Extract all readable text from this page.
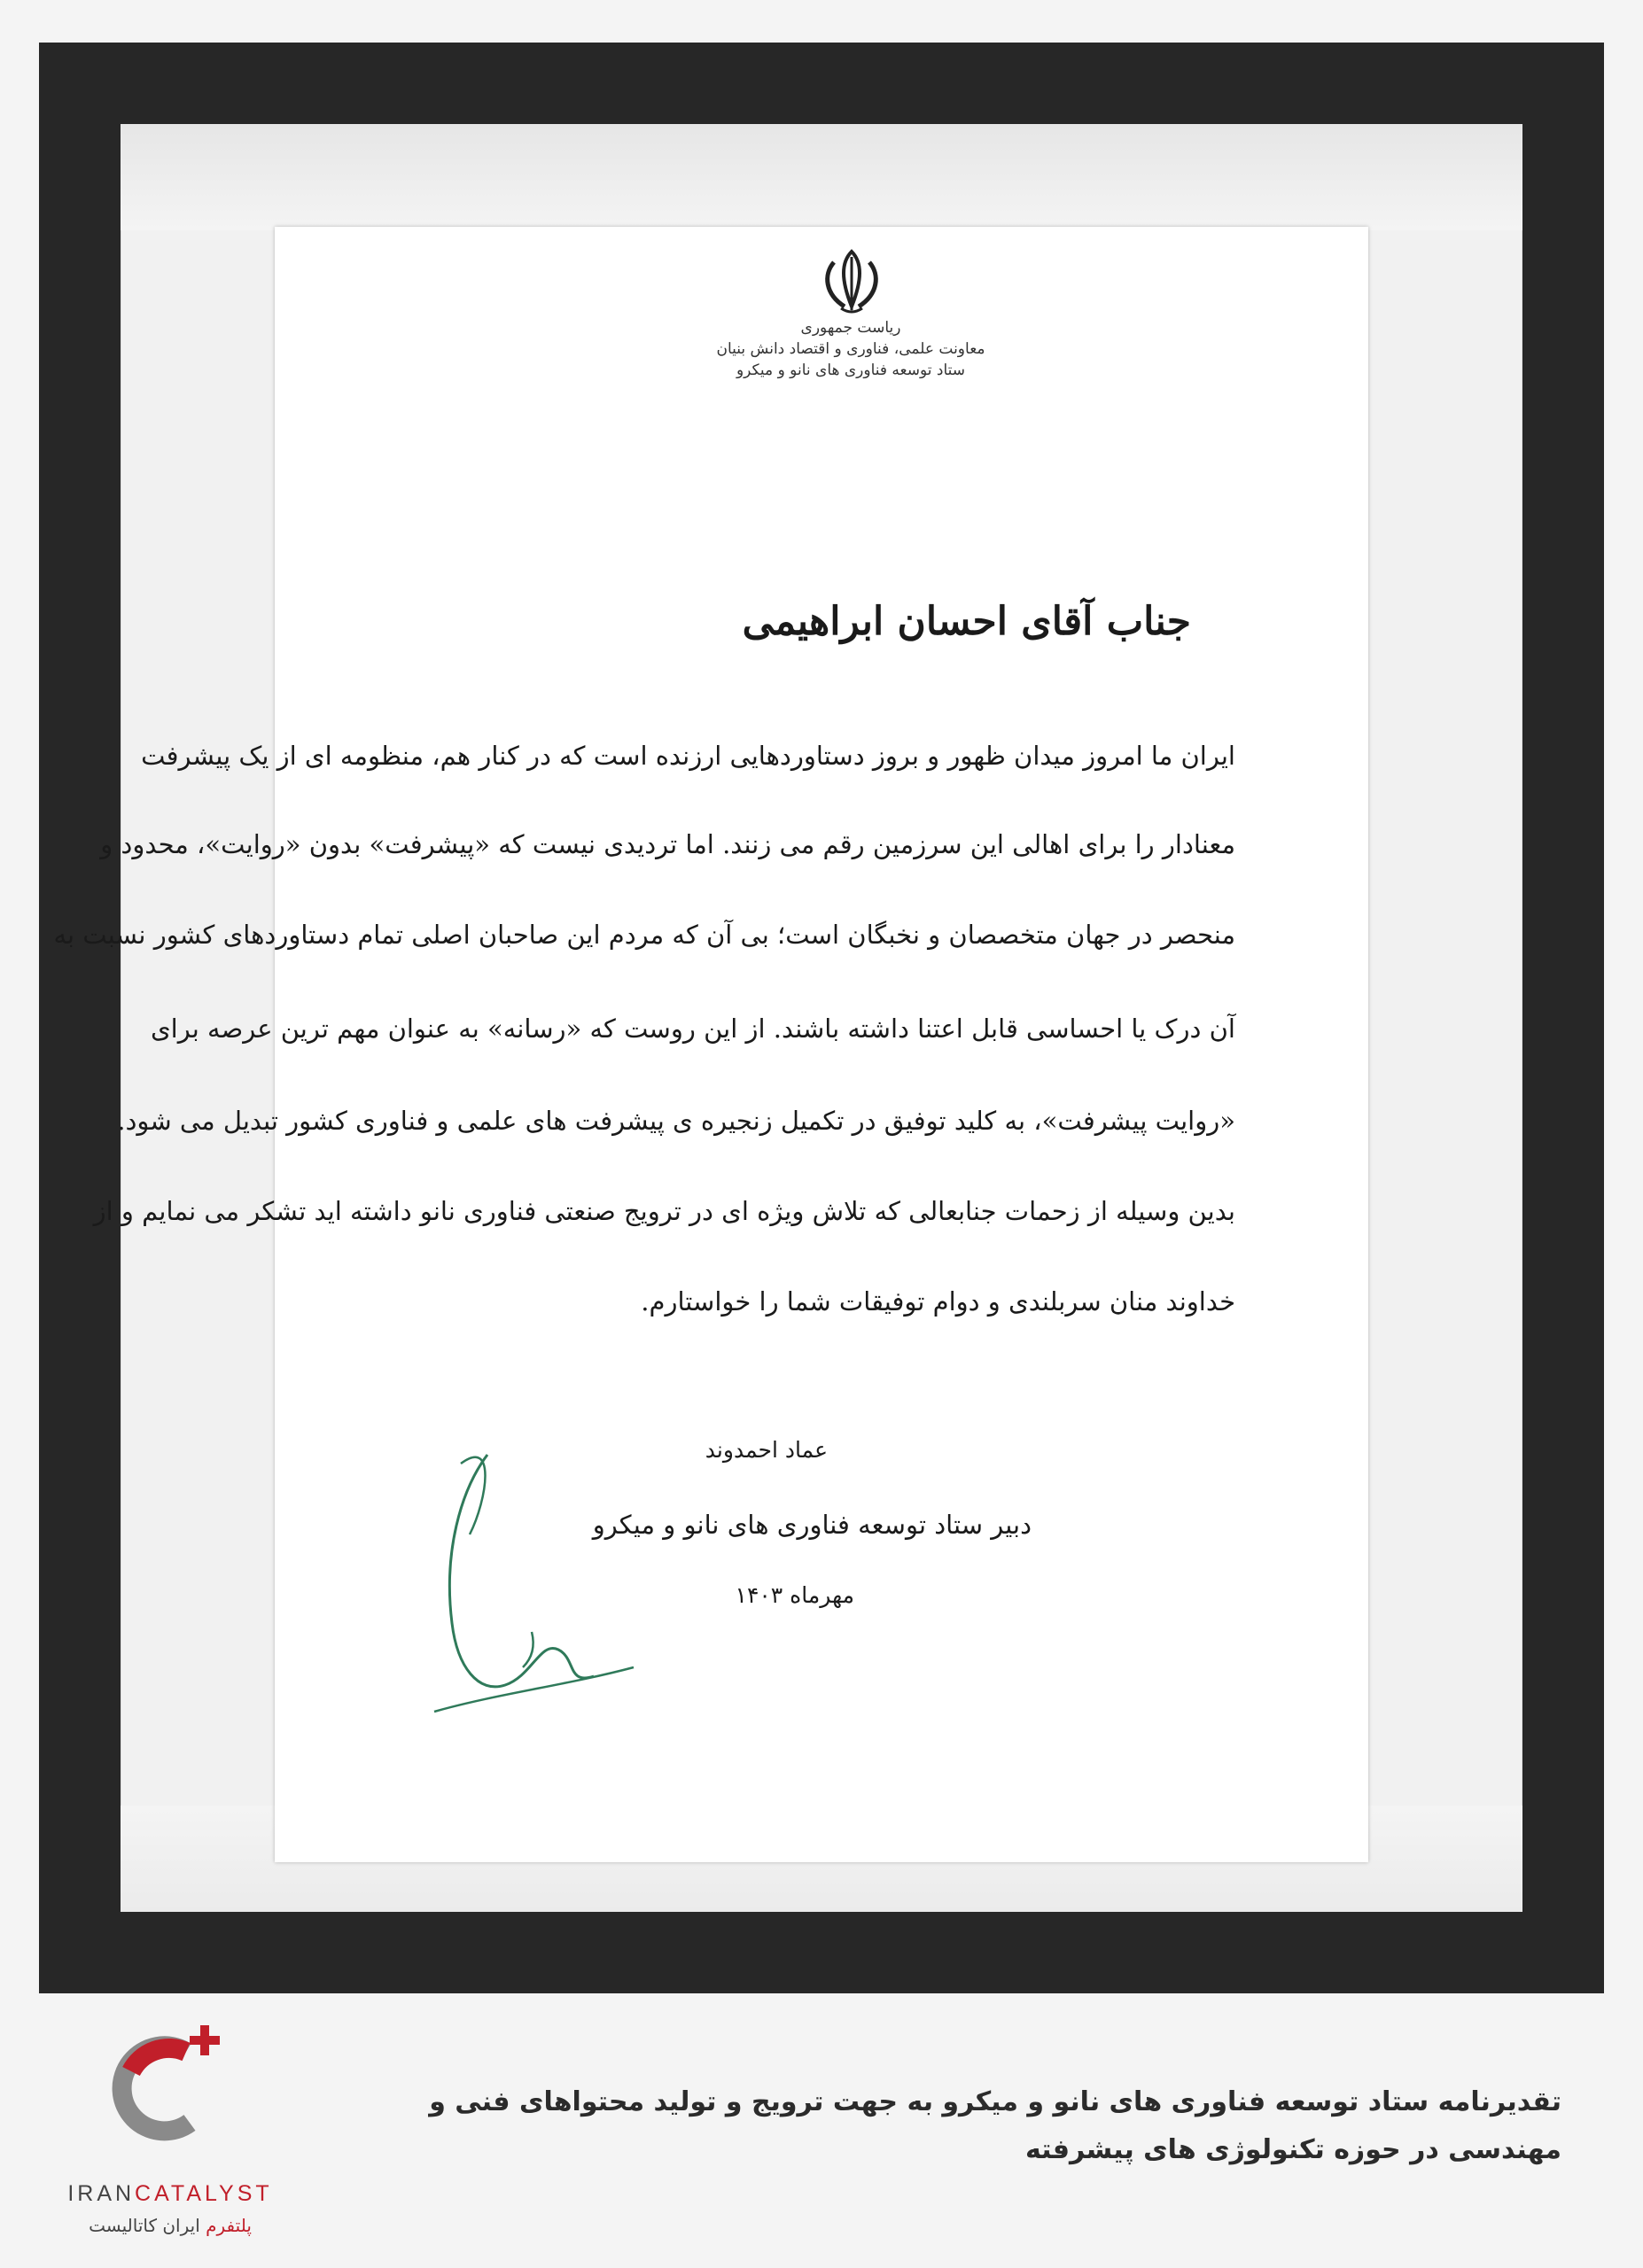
ریاست جمهوری
معاونت علمی، فناوری و اقتصاد دانش بنیان
ستاد توسعه فناوری های نانو و میکرو
جناب آقای احسان ابراهیمی
ایران ما امروز میدان ظهور و بروز دستاوردهایی ارزنده است که در کنار هم، منظومه ای از یک پیشرفت
معنادار را برای اهالی این سرزمین رقم می زنند. اما تردیدی نیست که «پیشرفت» بدون «روایت»، محدود و
منحصر در جهان متخصصان و نخبگان است؛ بی آن که مردم این صاحبان اصلی تمام دستاوردهای کشور نسبت به
آن درک یا احساسی قابل اعتنا داشته باشند. از این روست که «رسانه» به عنوان مهم ترین عرصه برای
«روایت پیشرفت»، به کلید توفیق در تکمیل زنجیره ی پیشرفت های علمی و فناوری کشور تبدیل می شود.
بدین وسیله از زحمات جنابعالی که تلاش ویژه ای در ترویج صنعتی فناوری نانو داشته اید تشکر می نمایم و از
خداوند منان سربلندی و دوام توفیقات شما را خواستارم.
عماد احمدوند
دبیر ستاد توسعه فناوری های نانو و میکرو
مهرماه ۱۴۰۳
IRANCATALYST
پلتفرم ایران کاتالیست
تقدیرنامه ستاد توسعه فناوری های نانو و میکرو به جهت ترویج و تولید محتواهای فنی و مهندسی در حوزه تکنولوژی های پیشرفته
